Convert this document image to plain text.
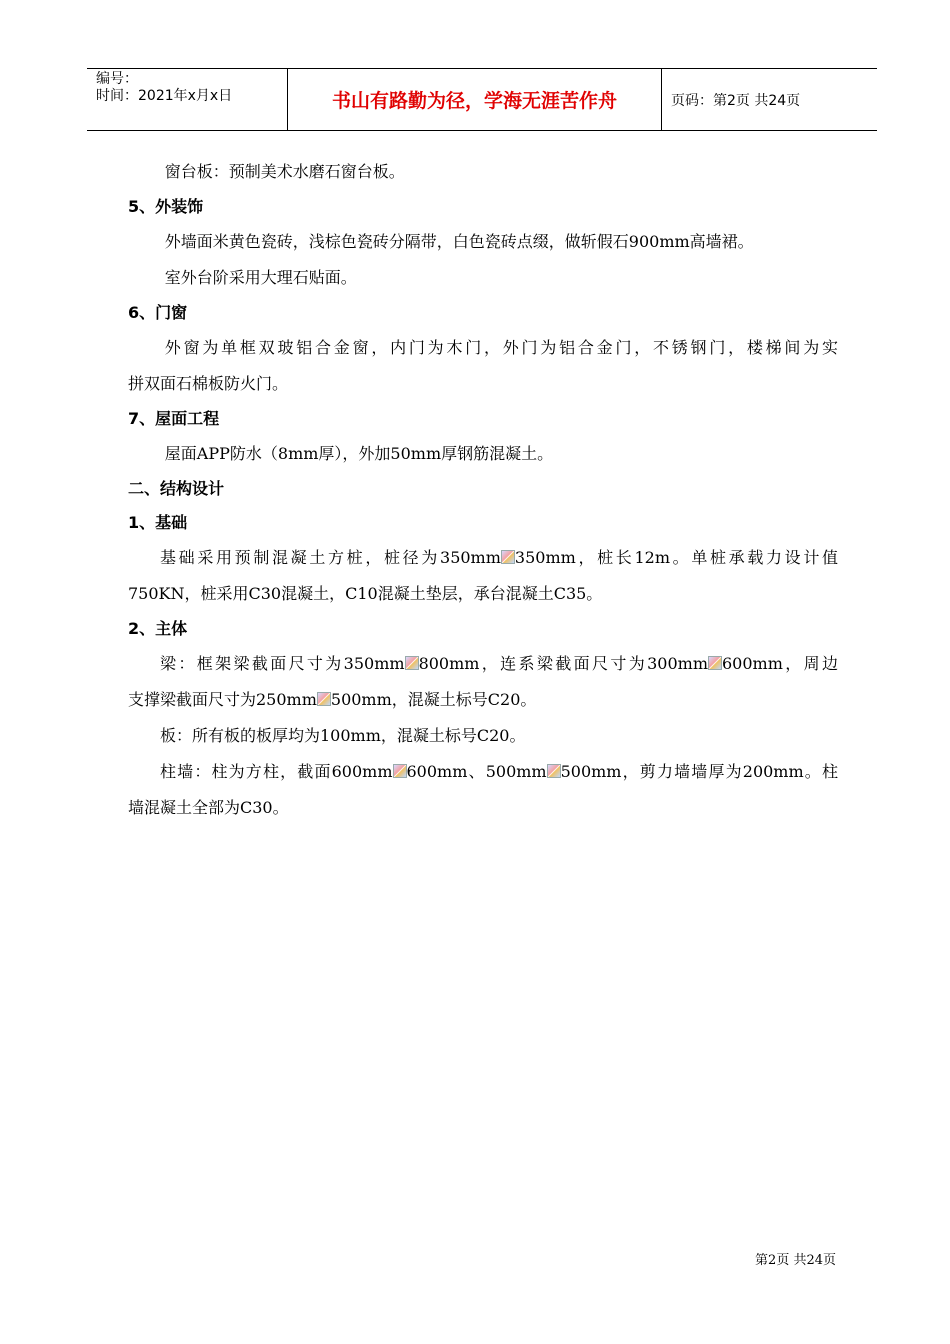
编号：
时间：2021年x月x日	书山有路勤为径，学海无涯苦作舟	页码：第2页 共24页

窗台板：预制美术水磨石窗台板。

5、外装饰

外墙面米黄色瓷砖，浅棕色瓷砖分隔带，白色瓷砖点缀，做斩假石900mm高墙裙。

室外台阶采用大理石贴面。

6、门窗

外窗为单框双玻铝合金窗，内门为木门，外门为铝合金门，不锈钢门，楼梯间为实

拼双面石棉板防火门。

7、屋面工程

屋面APP防水（8mm厚），外加50mm厚钢筋混凝土。

二、结构设计

1、基础

基础采用预制混凝土方桩，桩径为350mm 350mm，桩长12m。单桩承载力设计值

750KN，桩采用C30混凝土，C10混凝土垫层，承台混凝土C35。

2、主体

梁：框架梁截面尺寸为350mm 800mm，连系梁截面尺寸为300mm 600mm，周边

支撑梁截面尺寸为250mm 500mm，混凝土标号C20。

板：所有板的板厚均为100mm，混凝土标号C20。

柱墙：柱为方柱，截面600mm 600mm、500mm 500mm，剪力墙墙厚为200mm。柱

墙混凝土全部为C30。

第2页 共24页
